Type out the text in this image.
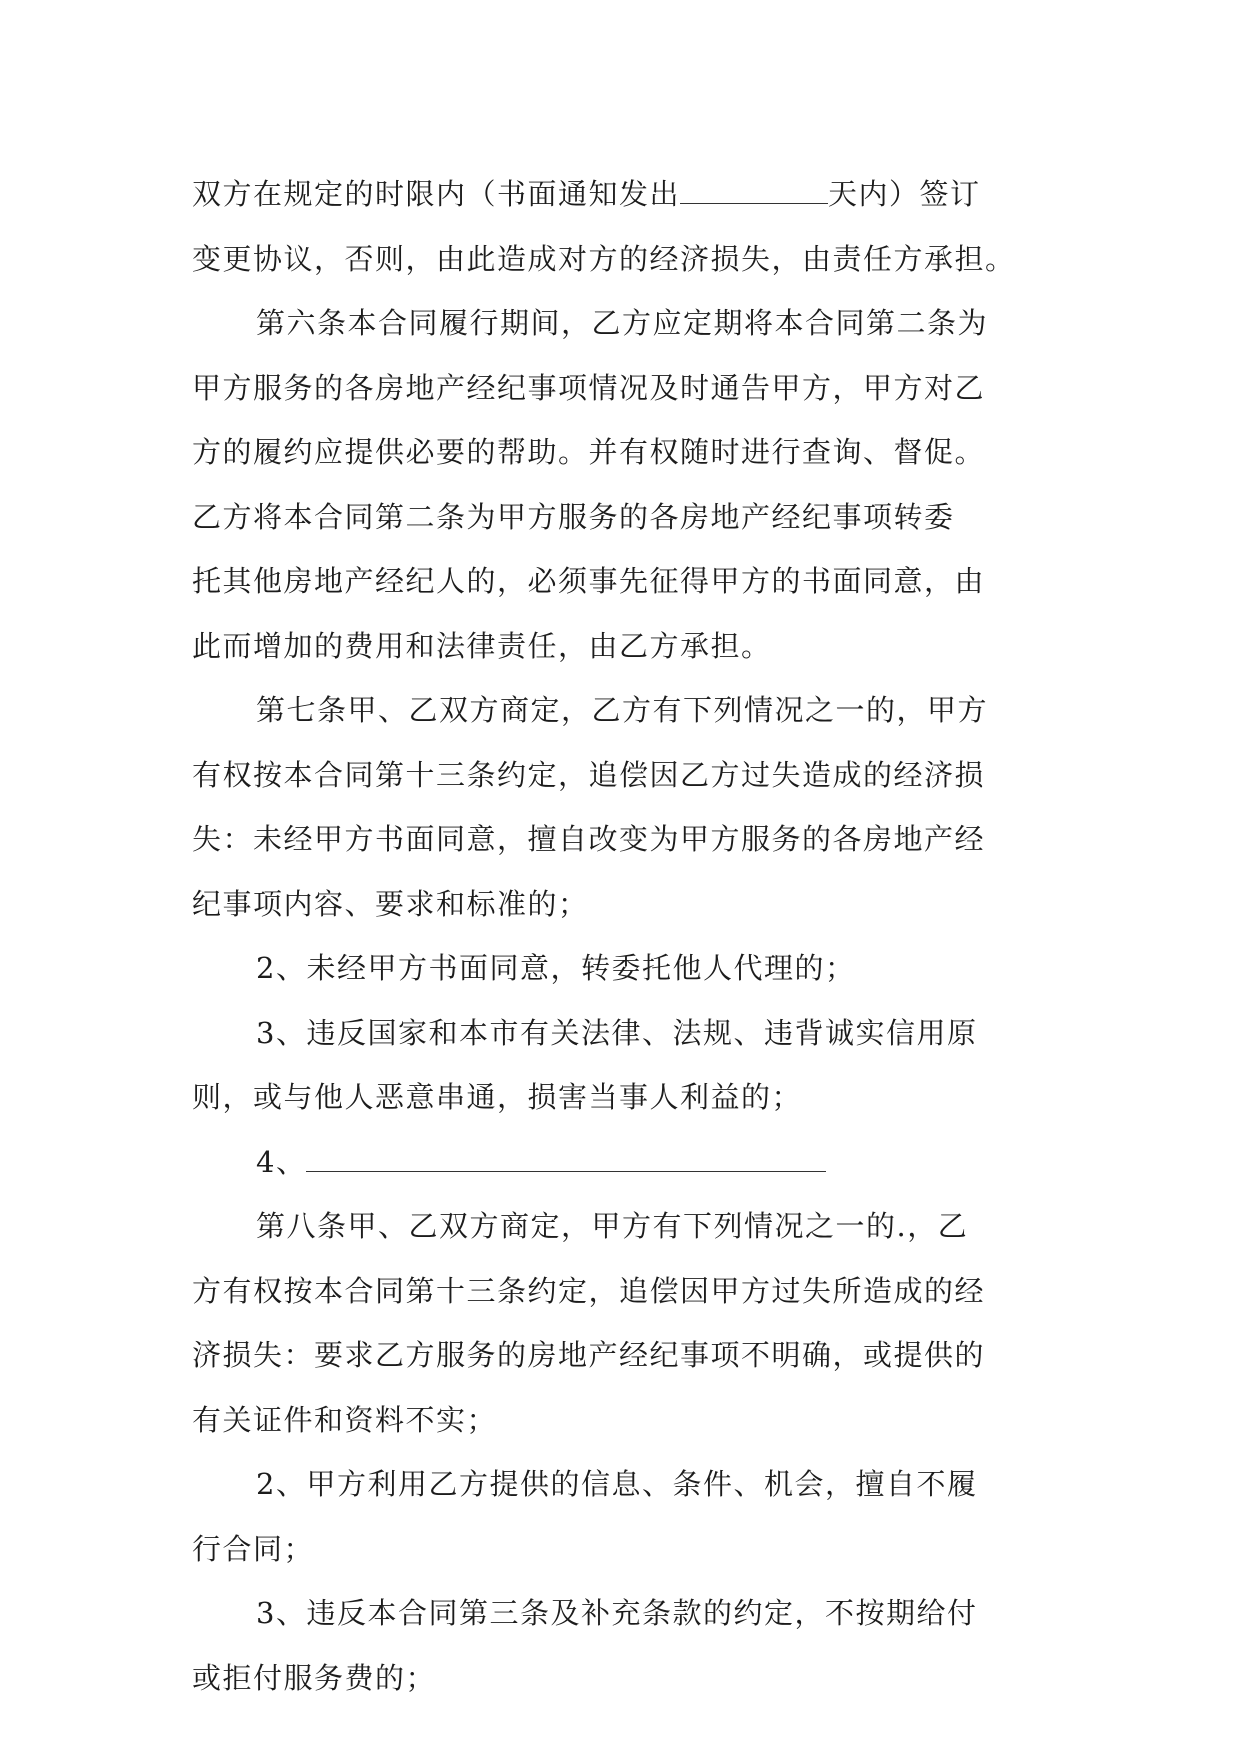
双方在规定的时限内（书面通知发出	天内）签订
变更协议，否则，由此造成对方的经济损失，由责任方承担。
第六条本合同履行期间，乙方应定期将本合同第二条为
甲方服务的各房地产经纪事项情况及时通告甲方，甲方对乙
方的履约应提供必要的帮助。并有权随时进行查询、督促。
乙方将本合同第二条为甲方服务的各房地产经纪事项转委
托其他房地产经纪人的，必须事先征得甲方的书面同意，由
此而增加的费用和法律责任，由乙方承担。
第七条甲、乙双方商定，乙方有下列情况之一的，甲方
有权按本合同第十三条约定，追偿因乙方过失造成的经济损
失：未经甲方书面同意，擅自改变为甲方服务的各房地产经
纪事项内容、要求和标准的；
2、未经甲方书面同意，转委托他人代理的；
3、违反国家和本市有关法律、法规、违背诚实信用原
则，或与他人恶意串通，损害当事人利益的；
4、
第八条甲、乙双方商定，甲方有下列情况之一的.，乙
方有权按本合同第十三条约定，追偿因甲方过失所造成的经
济损失：要求乙方服务的房地产经纪事项不明确，或提供的
有关证件和资料不实；
2、甲方利用乙方提供的信息、条件、机会，擅自不履
行合同；
3、违反本合同第三条及补充条款的约定，不按期给付
或拒付服务费的；
